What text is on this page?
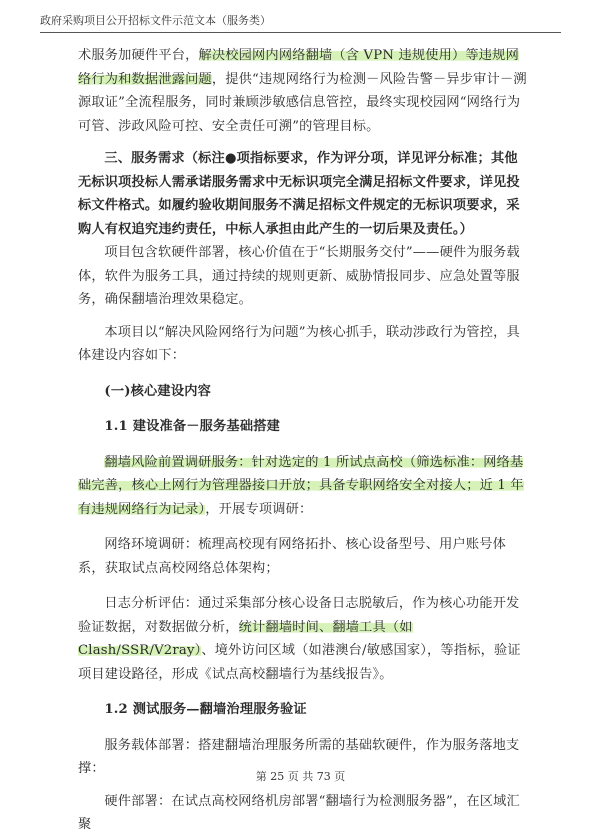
政府采购项目公开招标文件示范文本（服务类）

术服务加硬件平台，解决校园网内网络翻墙（含 VPN 违规使用）等违规网络行为和数据泄露问题，提供“违规网络行为检测－风险告警－异步审计－溯源取证”全流程服务，同时兼顾涉敏感信息管控，最终实现校园网“网络行为可管、涉政风险可控、安全责任可溯”的管理目标。

三、服务需求（标注●项指标要求，作为评分项，详见评分标准；其他无标识项投标人需承诺服务需求中无标识项完全满足招标文件要求，详见投标文件格式。如履约验收期间服务不满足招标文件规定的无标识项要求，采购人有权追究违约责任，中标人承担由此产生的一切后果及责任。）

项目包含软硬件部署，核心价值在于“长期服务交付”——硬件为服务载体，软件为服务工具，通过持续的规则更新、威胁情报同步、应急处置等服务，确保翻墙治理效果稳定。

本项目以“解决风险网络行为问题”为核心抓手，联动涉政行为管控，具体建设内容如下：

(一)核心建设内容

1.1 建设准备－服务基础搭建

翻墙风险前置调研服务：针对选定的 1 所试点高校（筛选标准：网络基础完善，核心上网行为管理器接口开放；具备专职网络安全对接人；近 1 年有违规网络行为记录），开展专项调研：

网络环境调研：梳理高校现有网络拓扑、核心设备型号、用户账号体系，获取试点高校网络总体架构；

日志分析评估：通过采集部分核心设备日志脱敏后，作为核心功能开发验证数据，对数据做分析，统计翻墙时间、翻墙工具（如 Clash/SSR/V2ray）、境外访问区域（如港澳台/敏感国家），等指标，验证项目建设路径，形成《试点高校翻墙行为基线报告》。

1.2 测试服务—翻墙治理服务验证

服务载体部署：搭建翻墙治理服务所需的基础软硬件，作为服务落地支撑：

硬件部署：在试点高校网络机房部署“翻墙行为检测服务器”，在区域汇聚

第 25 页 共 73 页
